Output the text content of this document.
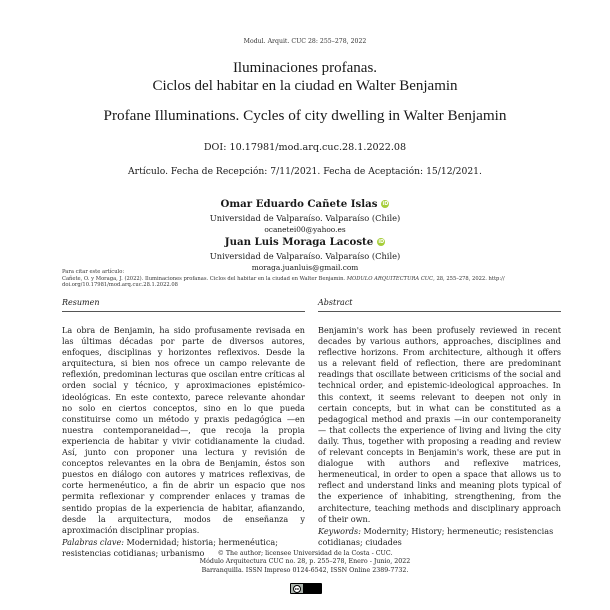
Modul. Arquit. CUC 28: 255–278, 2022
Iluminaciones profanas.
Ciclos del habitar en la ciudad en Walter Benjamin
Profane Illuminations. Cycles of city dwelling in Walter Benjamin
DOI: 10.17981/mod.arq.cuc.28.1.2022.08
Artículo. Fecha de Recepción: 7/11/2021. Fecha de Aceptación: 15/12/2021.
Omar Eduardo Cañete Islas iD
Universidad de Valparaíso. Valparaíso (Chile)
ocanetei00@yahoo.es
Juan Luis Moraga Lacoste iD
Universidad de Valparaíso. Valparaíso (Chile)
moraga.juanluis@gmail.com
Para citar este artículo:
Cañete, O. y Moraga, J. (2022). Iluminaciones profanas. Ciclos del habitar en la ciudad en Walter Benjamin. MODULO ARQUITECTURA CUC, 28, 255–278, 2022. http://
doi.org/10.17981/mod.arq.cuc.28.1.2022.08
Resumen
La obra de Benjamin, ha sido profusamente revisada en las últimas décadas por parte de diversos autores, enfoques, disciplinas y horizontes reflexivos. Desde la arquitectura, si bien nos ofrece un campo relevante de reflexión, predominan lecturas que oscilan entre críticas al orden social y técnico, y aproximaciones epistémico-ideológicas. En este contexto, parece relevante ahondar no solo en ciertos conceptos, sino en lo que pueda constituirse como un método y praxis pedagógica —en nuestra contemporaneidad—, que recoja la propia experiencia de habitar y vivir cotidianamente la ciudad. Así, junto con proponer una lectura y revisión de conceptos relevantes en la obra de Benjamin, éstos son puestos en diálogo con autores y matrices reflexivas, de corte hermenéutico, a fin de abrir un espacio que nos permita reflexionar y comprender enlaces y tramas de sentido propias de la experiencia de habitar, afianzando, desde la arquitectura, modos de enseñanza y aproximación disciplinar propias.
Palabras clave: Modernidad; historia; hermenéutica; resistencias cotidianas; urbanismo
Abstract
Benjamin's work has been profusely reviewed in recent decades by various authors, approaches, disciplines and reflective horizons. From architecture, although it offers us a relevant field of reflection, there are predominant readings that oscillate between criticisms of the social and technical order, and epistemic-ideological approaches. In this context, it seems relevant to deepen not only in certain concepts, but in what can be constituted as a pedagogical method and praxis —in our contemporaneity— that collects the experience of living and living the city daily. Thus, together with proposing a reading and review of relevant concepts in Benjamin's work, these are put in dialogue with authors and reflexive matrices, hermeneutical, in order to open a space that allows us to reflect and understand links and meaning plots typical of the experience of inhabiting, strengthening, from the architecture, teaching methods and disciplinary approach of their own.
Keywords: Modernity; History; hermeneutic; resistencias cotidianas; ciudades
© The author; licensee Universidad de la Costa - CUC.
Módulo Arquitectura CUC no. 28, p. 255–278, Enero - Junio, 2022
Barranquilla. ISSN Impreso 0124-6542, ISSN Online 2389-7732.
cc
